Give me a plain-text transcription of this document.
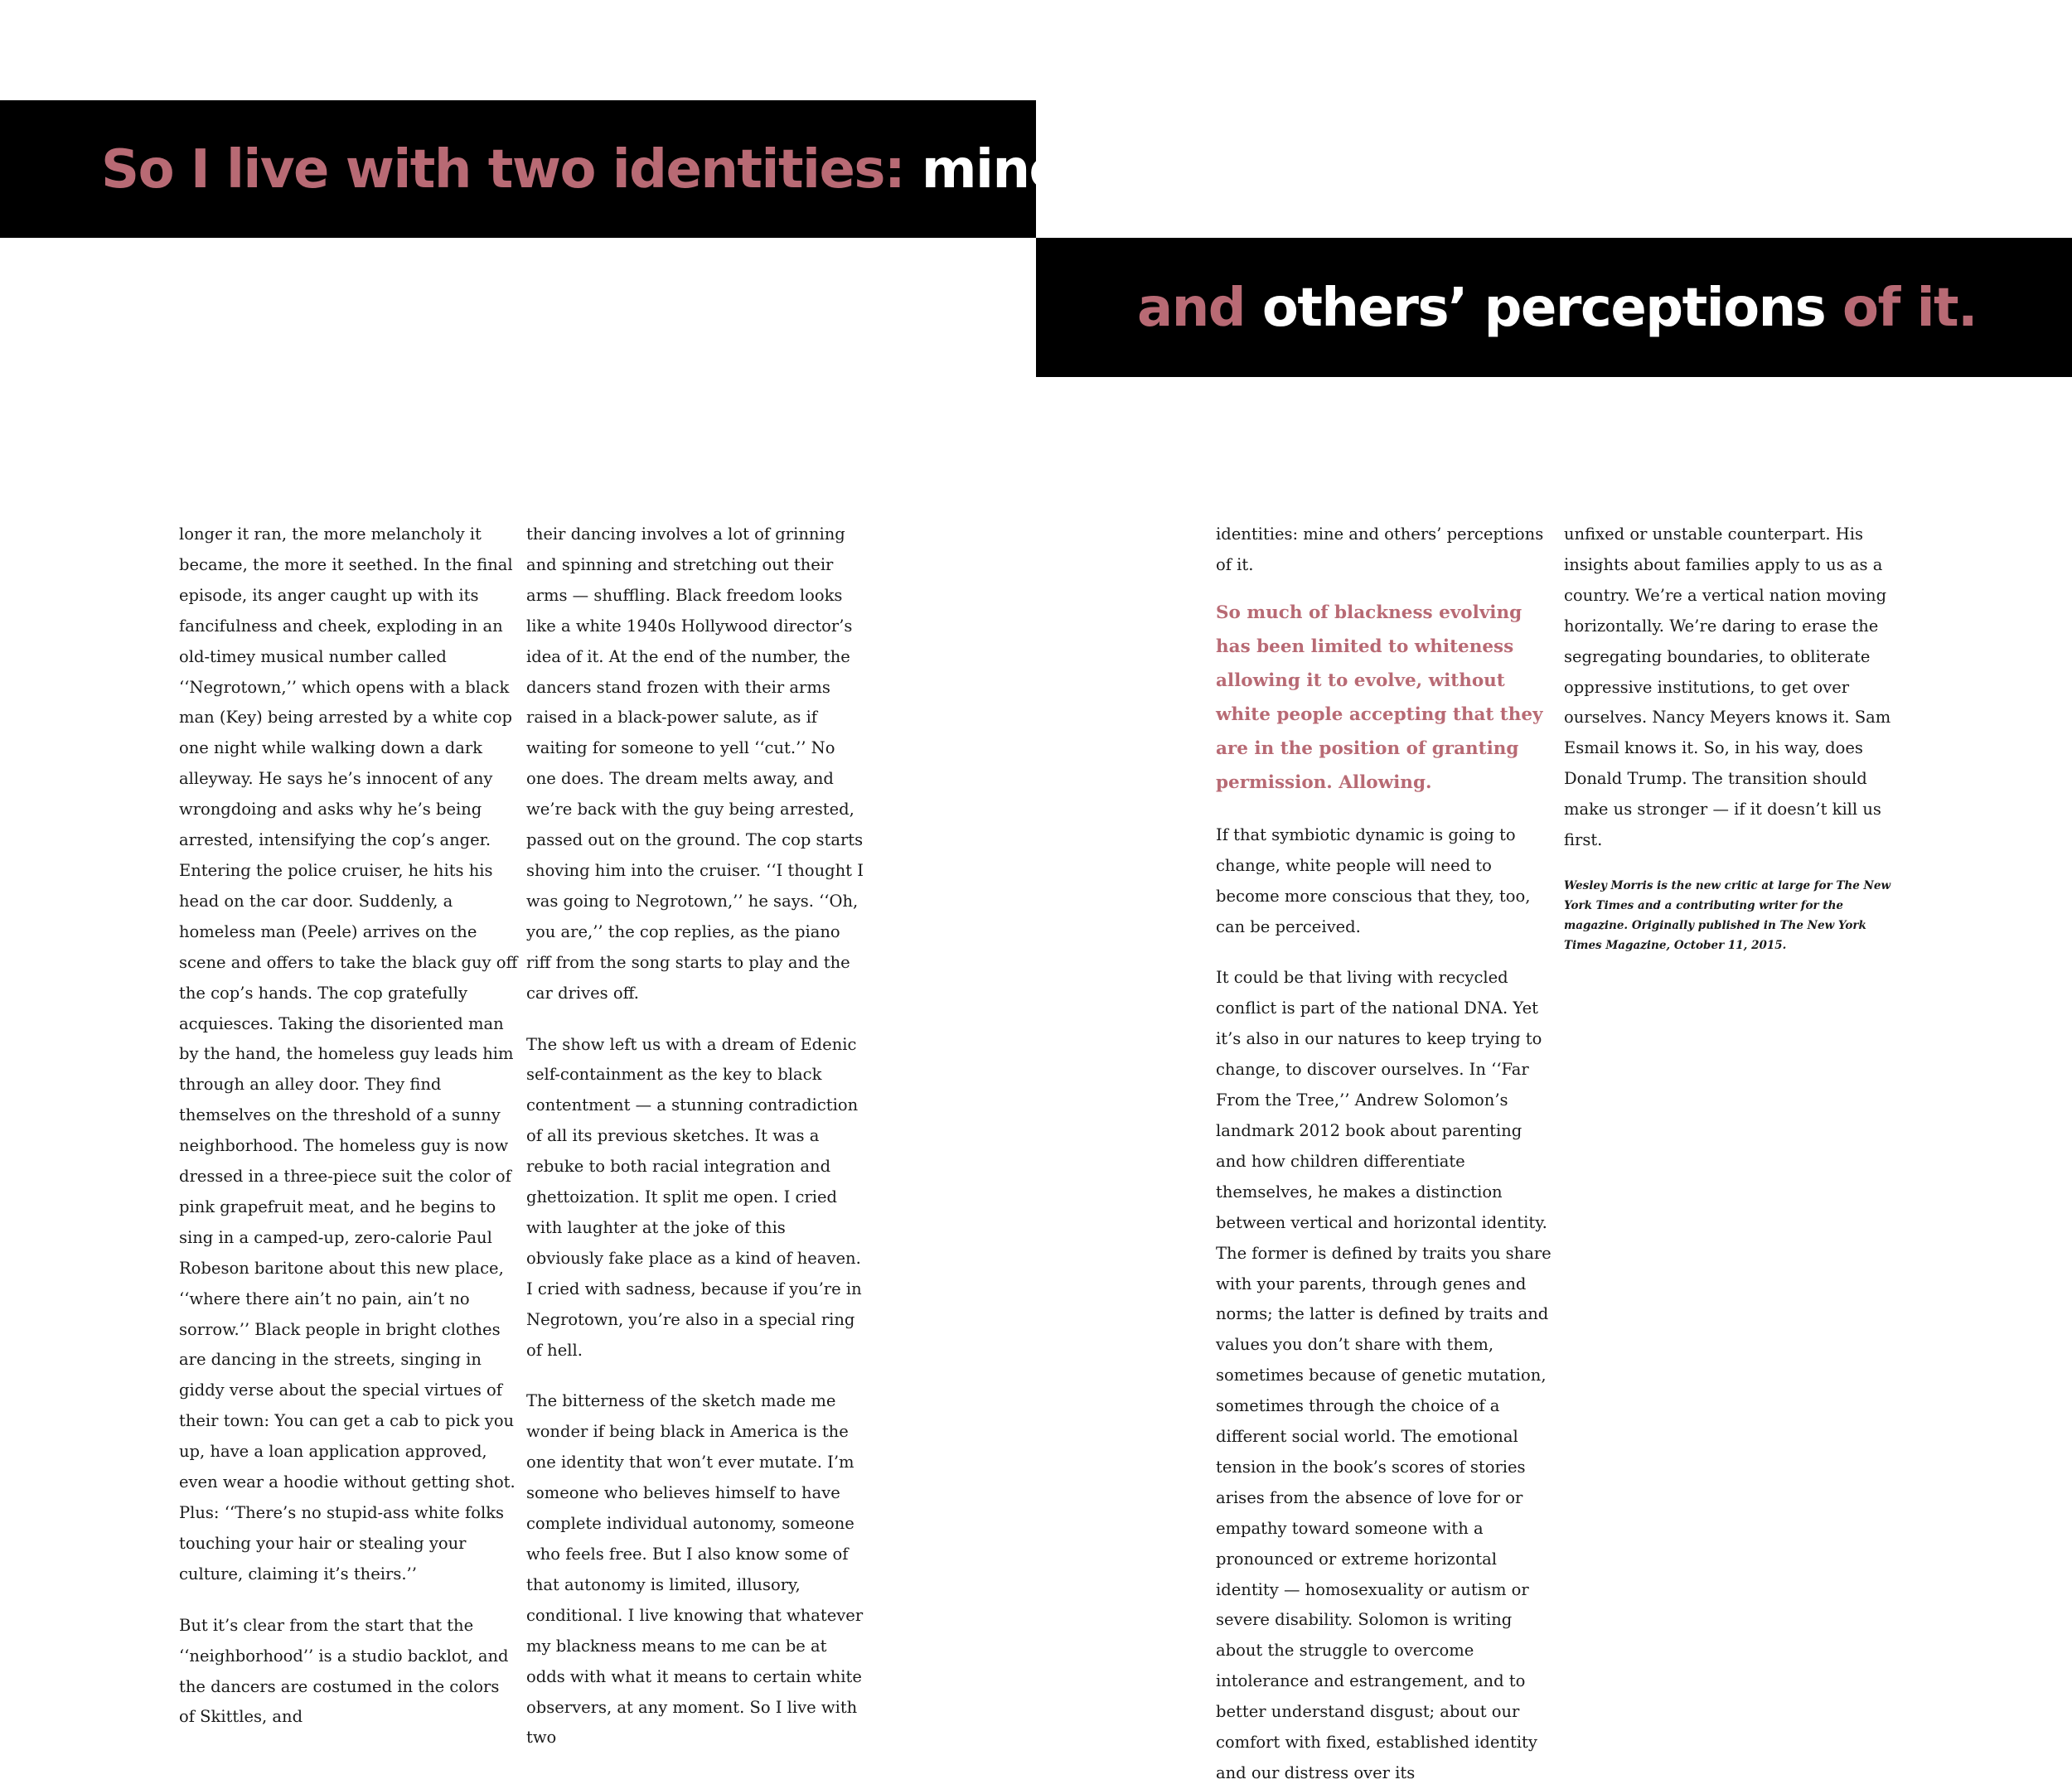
So I live with two identities: mine
and others’ perceptions of it.

longer it ran, the more melancholy it became, the more it seethed. In the final episode, its anger caught up with its fancifulness and cheek, exploding in an old-timey musical number called ‘‘Negrotown,’’ which opens with a black man (Key) being arrested by a white cop one night while walking down a dark alleyway. He says he’s innocent of any wrongdoing and asks why he’s being arrested, intensifying the cop’s anger. Entering the police cruiser, he hits his head on the car door. Suddenly, a homeless man (Peele) arrives on the scene and offers to take the black guy off the cop’s hands. The cop gratefully acquiesces. Taking the disoriented man by the hand, the homeless guy leads him through an alley door. They find themselves on the threshold of a sunny neighborhood. The homeless guy is now dressed in a three-piece suit the color of pink grapefruit meat, and he begins to sing in a camped-up, zero-calorie Paul Robeson baritone about this new place, ‘‘where there ain’t no pain, ain’t no sorrow.’’ Black people in bright clothes are dancing in the streets, singing in giddy verse about the special virtues of their town: You can get a cab to pick you up, have a loan application approved, even wear a hoodie without getting shot. Plus: ‘‘There’s no stupid-ass white folks touching your hair or stealing your culture, claiming it’s theirs.’’

But it’s clear from the start that the ‘‘neighborhood’’ is a studio backlot, and the dancers are costumed in the colors of Skittles, and

their dancing involves a lot of grinning and spinning and stretching out their arms — shuffling. Black freedom looks like a white 1940s Hollywood director’s idea of it. At the end of the number, the dancers stand frozen with their arms raised in a black-power salute, as if waiting for someone to yell ‘‘cut.’’ No one does. The dream melts away, and we’re back with the guy being arrested, passed out on the ground. The cop starts shoving him into the cruiser. ‘‘I thought I was going to Negrotown,’’ he says. ‘‘Oh, you are,’’ the cop replies, as the piano riff from the song starts to play and the car drives off.

The show left us with a dream of Edenic self-containment as the key to black contentment — a stunning contradiction of all its previous sketches. It was a rebuke to both racial integration and ghettoization. It split me open. I cried with laughter at the joke of this obviously fake place as a kind of heaven. I cried with sadness, because if you’re in Negrotown, you’re also in a special ring of hell.

The bitterness of the sketch made me wonder if being black in America is the one identity that won’t ever mutate. I’m someone who believes himself to have complete individual autonomy, someone who feels free. But I also know some of that autonomy is limited, illusory, conditional. I live knowing that whatever my blackness means to me can be at odds with what it means to certain white observers, at any moment. So I live with two

identities: mine and others’ perceptions of it.

So much of blackness evolving has been limited to whiteness allowing it to evolve, without white people accepting that they are in the position of granting permission. Allowing.

If that symbiotic dynamic is going to change, white people will need to become more conscious that they, too, can be perceived.

It could be that living with recycled conflict is part of the national DNA. Yet it’s also in our natures to keep trying to change, to discover ourselves. In ‘‘Far From the Tree,’’ Andrew Solomon’s landmark 2012 book about parenting and how children differentiate themselves, he makes a distinction between vertical and horizontal identity. The former is defined by traits you share with your parents, through genes and norms; the latter is defined by traits and values you don’t share with them, sometimes because of genetic mutation, sometimes through the choice of a different social world. The emotional tension in the book’s scores of stories arises from the absence of love for or empathy toward someone with a pronounced or extreme horizontal identity — homosexuality or autism or severe disability. Solomon is writing about the struggle to overcome intolerance and estrangement, and to better understand disgust; about our comfort with fixed, established identity and our distress over its

unfixed or unstable counterpart. His insights about families apply to us as a country. We’re a vertical nation moving horizontally. We’re daring to erase the segregating boundaries, to obliterate oppressive institutions, to get over ourselves. Nancy Meyers knows it. Sam Esmail knows it. So, in his way, does Donald Trump. The transition should make us stronger — if it doesn’t kill us first.

Wesley Morris is the new critic at large for The New York Times and a contributing writer for the magazine. Originally published in The New York Times Magazine, October 11, 2015.
